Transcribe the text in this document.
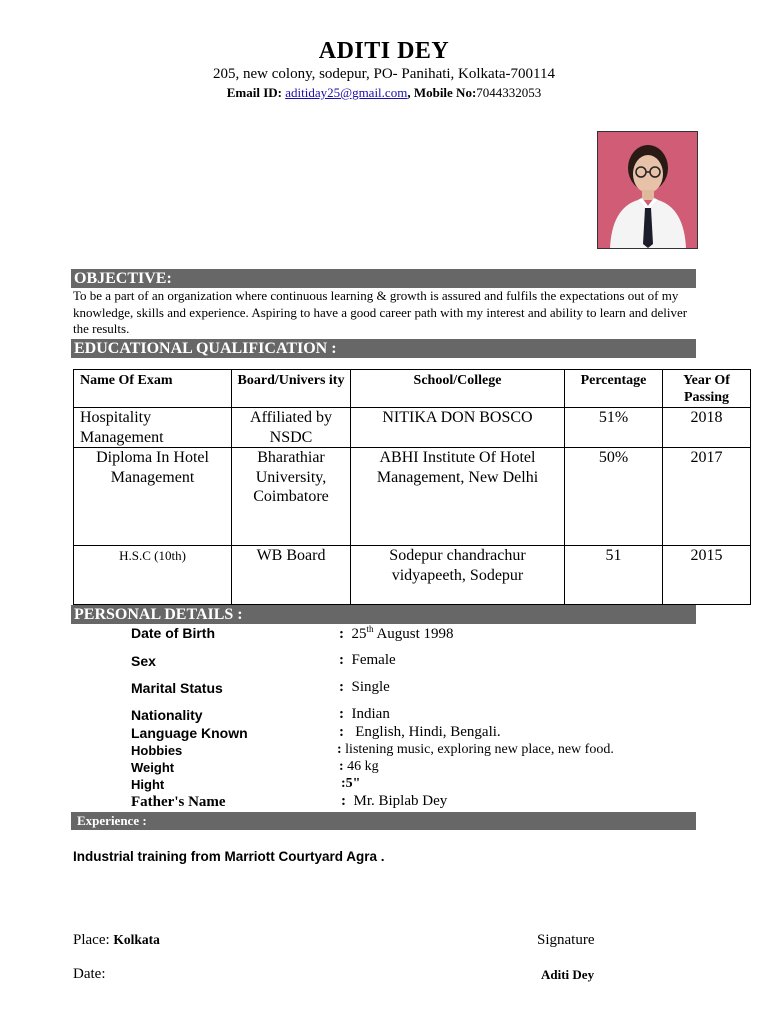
ADITI DEY
205, new colony, sodepur, PO- Panihati, Kolkata-700114
Email ID: aditiday25@gmail.com, Mobile No:7044332053
OBJECTIVE:
To be a part of an organization where continuous learning & growth is assured and fulfils the expectations out of my knowledge, skills and experience. Aspiring to have a good career path with my interest and ability to learn and deliver the results.
EDUCATIONAL QUALIFICATION :
Name Of Exam	Board/Univers ity	School/College	Percentage	Year Of Passing
Hospitality Management	Affiliated by NSDC	NITIKA DON BOSCO	51%	2018
Diploma In Hotel Management	Bharathiar University, Coimbatore	ABHI Institute Of Hotel Management, New Delhi	50%	2017
H.S.C (10th)	WB Board	Sodepur chandrachur vidyapeeth, Sodepur	51	2015
PERSONAL DETAILS :
Date of Birth	: 25th August 1998
Sex	: Female
Marital Status	: Single
Nationality	: Indian
Language Known	: English, Hindi, Bengali.
Hobbies	: listening music, exploring new place, new food.
Weight	: 46 kg
Hight	:5"
Father's Name	: Mr. Biplab Dey
Experience :
Industrial training from Marriott Courtyard Agra .
Place: Kolkata	Signature
Date:	Aditi Dey
